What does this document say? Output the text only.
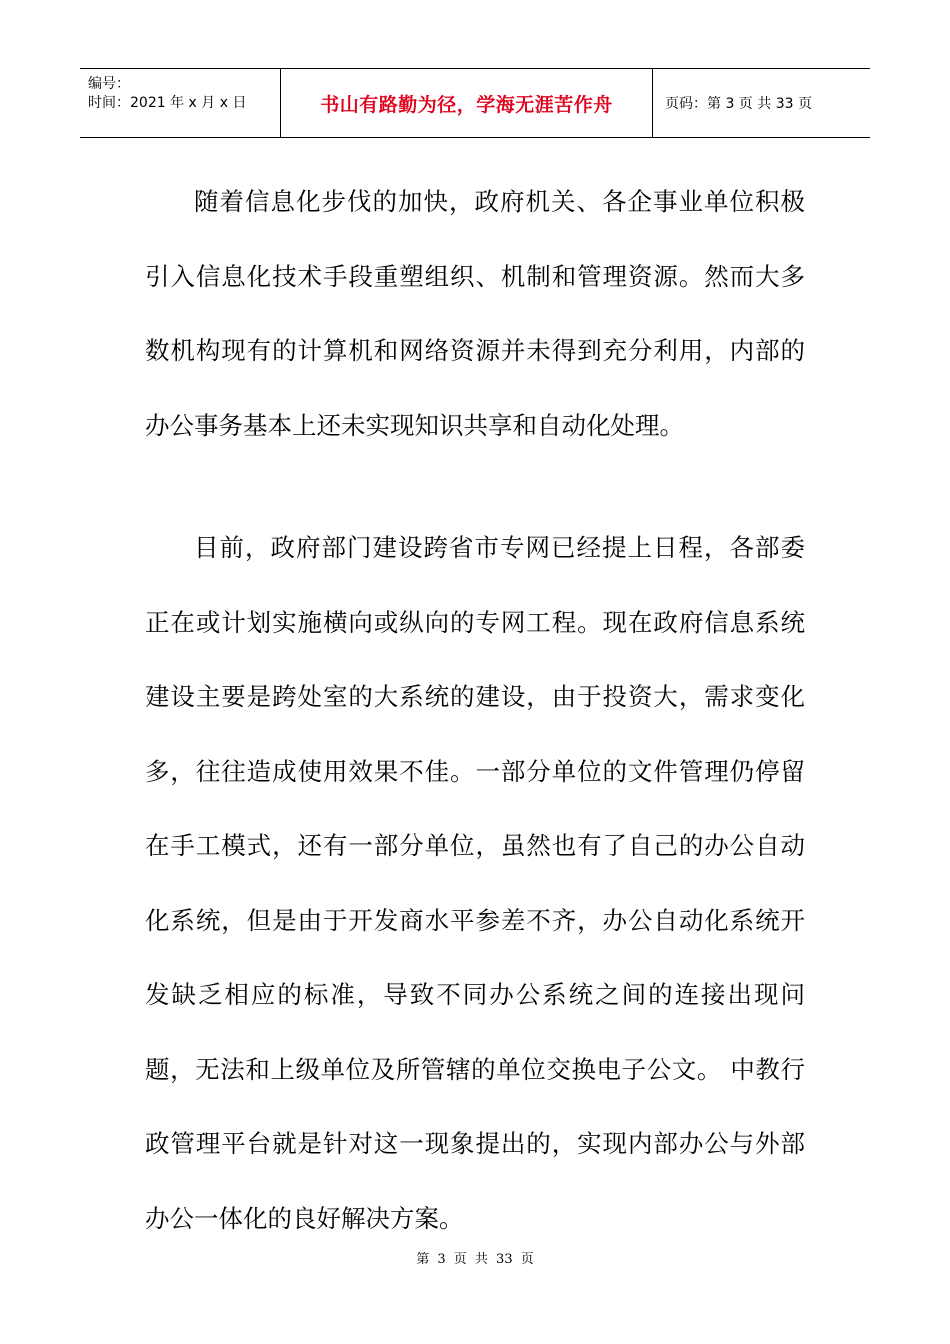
编号：
时间：2021 年 x 月 x 日	书山有路勤为径，学海无涯苦作舟	页码：第 3 页 共 33 页

随着信息化步伐的加快，政府机关、各企事业单位积极引入信息化技术手段重塑组织、机制和管理资源。然而大多数机构现有的计算机和网络资源并未得到充分利用，内部的办公事务基本上还未实现知识共享和自动化处理。

目前，政府部门建设跨省市专网已经提上日程，各部委正在或计划实施横向或纵向的专网工程。现在政府信息系统建设主要是跨处室的大系统的建设，由于投资大，需求变化多，往往造成使用效果不佳。一部分单位的文件管理仍停留在手工模式，还有一部分单位，虽然也有了自己的办公自动化系统，但是由于开发商水平参差不齐，办公自动化系统开发缺乏相应的标准，导致不同办公系统之间的连接出现问题，无法和上级单位及所管辖的单位交换电子公文。 中教行政管理平台就是针对这一现象提出的，实现内部办公与外部办公一体化的良好解决方案。

第 3 页 共 33 页
